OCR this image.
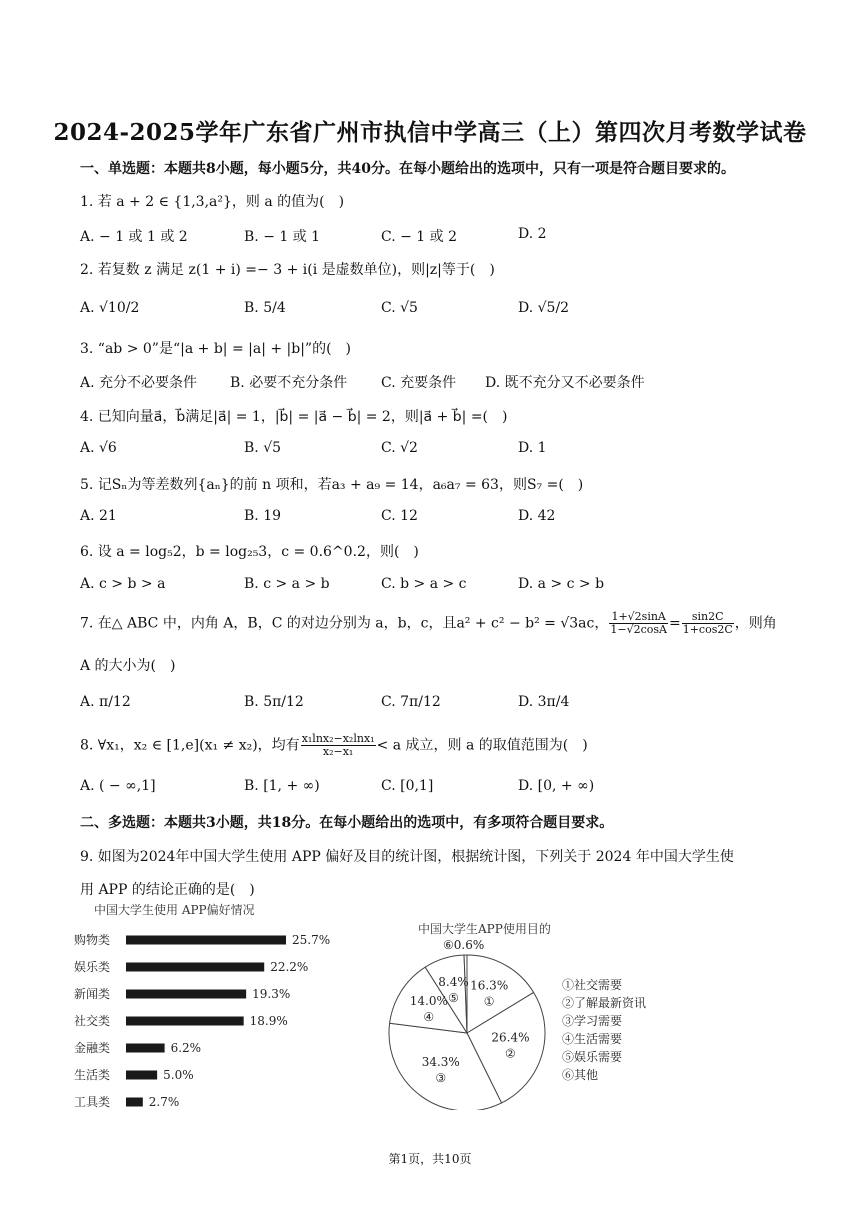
2024-2025学年广东省广州市执信中学高三（上）第四次月考数学试卷
一、单选题：本题共8小题，每小题5分，共40分。在每小题给出的选项中，只有一项是符合题目要求的。
1. 若 a + 2 ∈ {1,3,a²}，则 a 的值为(　)
A. − 1 或 1 或 2	B. − 1 或 1	C. − 1 或 2	D. 2
2. 若复数 z 满足 z(1 + i) =− 3 + i(i 是虚数单位)，则|z|等于(　)
A. √10/2	B. 5/4	C. √5	D. √5/2
3. “ab > 0”是“|a + b| = |a| + |b|”的(　)
A. 充分不必要条件 B. 必要不充分条件 C. 充要条件 D. 既不充分又不必要条件
4. 已知向量a⃗，b⃗满足|a⃗| = 1，|b⃗| = |a⃗ − b⃗| = 2，则|a⃗ + b⃗| =(　)
A. √6	B. √5	C. √2	D. 1
5. 记Sₙ为等差数列{aₙ}的前 n 项和，若a₃ + a₉ = 14，a₆a₇ = 63，则S₇ =(　)
A. 21	B. 19	C. 12	D. 42
6. 设 a = log₅2，b = log₂₅3，c = 0.6^0.2，则(　)
A. c > b > a	B. c > a > b	C. b > a > c	D. a > c > b
7. 在△ ABC 中，内角 A，B，C 的对边分别为 a，b，c，且a² + c² − b² = √3ac， $\frac{1+√2\sin A}{1-√2\cos A} = \frac{\sin 2C}{1+\cos 2C}$ ，则角
A 的大小为(　)
A. π/12	B. 5π/12	C. 7π/12	D. 3π/4
8. ∀x₁，x₂ ∈ [1,e](x₁ ≠ x₂)，均有 $\frac{\text{x₁lnx₂−x₂lnx₁}}{\text{x₂−x₁}} < a$ 成立，则 a 的取值范围为(　)
A. ( − ∞,1]	B. [1, + ∞)	C. [0,1]	D. [0, + ∞)
二、多选题：本题共3小题，共18分。在每小题给出的选项中，有多项符合题目要求。
9. 如图为2024年中国大学生使用 APP 偏好及目的统计图，根据统计图，下列关于 2024 年中国大学生使
用 APP 的结论正确的是(　)
中国大学生使用 APP偏好情况
购物类	25.7%
娱乐类	22.2%
新闻类	19.3%
社交类	18.9%
金融类	6.2%
生活类	5.0%
工具类	2.7%
中国大学生APP使用目的
16.3%
①
26.4%
②
34.3%
③
14.0%
④
8.4%
⑤
⑥0.6%
①社交需要
②了解最新资讯
③学习需要
④生活需要
⑤娱乐需要
⑥其他
第1页，共10页
